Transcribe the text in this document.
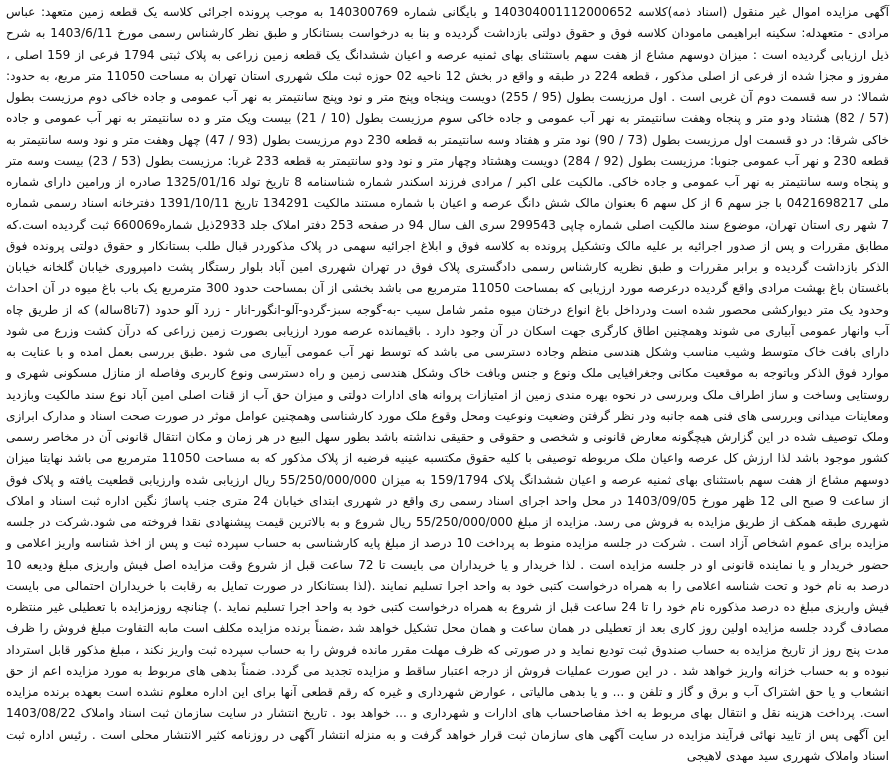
آگهی مزایده اموال غیر منقول (اسناد ذمه)کلاسه 140304001112000652 و بایگانی شماره 140300769 به موجب پرونده اجرائی کلاسه یک قطعه زمین متعهد: عباس مرادی - متعهدله: سکینه ابراهیمی مامودان کلاسه فوق و حقوق دولتی بازداشت گردیده و بنا به درخواست بستانکار و طبق نظر کارشناس رسمی مورخ 1403/6/11 به شرح ذیل ارزیابی گردیده است : میزان دوسهم مشاع از هفت سهم باستثنای بهای ثمنیه عرصه و اعیان ششدانگ یک قطعه زمین زراعی به پلاک ثبتی 1794 فرعی از 159 اصلی ، مفروز و مجزا شده از فرعی از اصلی مذکور ، قطعه 224 در طبقه و واقع در بخش 12 ناحیه 02 حوزه ثبت ملک شهرری استان تهران به مساحت 11050 متر مربع، به حدود: شمالا: در سه قسمت دوم آن غربی است . اول مرزیست بطول (95 / 255) دویست وپنجاه وپنج متر و نود وپنج سانتیمتر به نهر آب عمومی و جاده خاکی دوم مرزیست بطول (57 / 82) هشتاد ودو متر و پنجاه وهفت سانتیمتر به نهر آب عمومی و جاده خاکی سوم مرزیست بطول (10 / 21) بیست ویک متر و ده سانتیمتر به نهر آب عمومی و جاده خاکی شرقا: در دو قسمت اول مرزیست بطول (73 / 90) نود متر و هفتاد وسه سانتیمتر به قطعه 230 دوم مرزیست بطول (93 / 47) چهل وهفت متر و نود وسه سانتیمتر به قطعه 230 و نهر آب عمومی جنوبا: مرزیست بطول (92 / 284) دویست وهشتاد وچهار متر و نود ودو سانتیمتر به قطعه 233 غربا: مرزیست بطول (53 / 23) بیست وسه متر و پنجاه وسه سانتیمتر به نهر آب عمومی و جاده خاکی. مالکیت علی اکبر / مرادی فرزند اسکندر شماره شناسنامه 8 تاریخ تولد 1325/01/16 صادره از ورامین دارای شماره ملی 0421698217 با جز سهم 6 از کل سهم 6 بعنوان مالک شش دانگ عرصه و اعیان با شماره مستند مالکیت 134291 تاریخ 1391/10/11 دفترخانه اسناد رسمی شماره 7 شهر ری استان تهران، موضوع سند مالکیت اصلی شماره چاپی 299543 سری الف سال 94 در صفحه 253 دفتر املاک جلد 2933ذیل شماره660069 ثبت گردیده است.که مطابق مقررات و پس از صدور اجرائیه بر علیه مالک وتشکیل پرونده به کلاسه فوق و ابلاغ اجرائیه سهمی در پلاک مذکوردر قبال طلب بستانکار و حقوق دولتی پرونده فوق الذکر بازداشت گردیده و برابر مقررات و طبق نظریه کارشناس رسمی دادگستری پلاک فوق در تهران شهرری امین آباد بلوار رستگار پشت دامپروری خیابان گلخانه خیابان باغستان باغ بهشت مرادی واقع گردیده درعرصه مورد ارزیابی که بمساحت 11050 مترمربع می باشد بخشی از آن بمساحت حدود 300 مترمربع یک باب باغ میوه در آن احداث وحدود یک متر دیوارکشی محصور شده است ودرداخل باغ انواع درختان میوه مثمر شامل سیب -به-گوجه سبز-گردو-آلو-انگور-انار - زرد آلو حدود (7تا8ساله) که از طریق چاه آب وانهار عمومی آبیاری می شوند وهمچنین اطاق کارگری جهت اسکان در آن وجود دارد . باقیمانده عرصه مورد ارزیابی بصورت زمین زراعی که درآن کشت وزرع می شود دارای بافت خاک متوسط وشیب مناسب وشکل هندسی منظم وجاده دسترسی می باشد که توسط نهر آب عمومی آبیاری می شود .طبق بررسی بعمل امده و با عنایت به موارد فوق الذکر وباتوجه به موقعیت مکانی وجغرافیایی ملک ونوع و جنس وبافت خاک وشکل هندسی زمین و راه دسترسی ونوع کاربری وفاصله از منازل مسکونی شهری و روستایی وساخت و ساز اطراف ملک وبررسی در نحوه بهره مندی زمین از امتیازات پروانه های ادارات دولتی و میزان حق آب از قنات اصلی امین آباد نوع سند مالکیت وبازدید ومعاینات میدانی وبررسی های فنی همه جانبه ودر نظر گرفتن وضعیت ونوعیت ومحل وقوع ملک مورد کارشناسی وهمچنین عوامل موثر در صورت صحت اسناد و مدارک ابرازی وملک توصیف شده در این گزارش هیچگونه معارض قانونی و شخصی و حقوقی و حقیقی نداشته باشد بطور سهل البیع در هر زمان و مکان انتقال قانونی آن در مخاصر رسمی کشور موجود باشد لذا ارزش کل عرصه واعیان ملک مربوطه توصیفی با کلیه حقوق مکتسبه عینیه فرضیه از پلاک مذکور که به مساحت 11050 مترمربع می باشد نهایتا میزان دوسهم مشاع از هفت سهم باستثنای بهای ثمنیه عرصه و اعیان ششدانگ پلاک 159/1794 به میزان 55/250/000/000 ریال ارزیابی شده وارزیابی قطعیت یافته و پلاک فوق از ساعت 9 صبح الی 12 ظهر مورخ 1403/09/05 در محل واحد اجرای اسناد رسمی ری واقع در شهرری ابتدای خیابان 24 متری جنب پاساژ نگین اداره ثبت اسناد و املاک شهرری طبقه همکف از طریق مزایده به فروش می رسد. مزایده از مبلغ 55/250/000/000 ریال شروع و به بالاترین قیمت پیشنهادی نقدا فروخته می شود.شرکت در جلسه مزایده برای عموم اشخاص آزاد است . شرکت در جلسه مزایده منوط به پرداخت 10 درصد از مبلغ پایه کارشناسی به حساب سپرده ثبت و پس از اخذ شناسه واریز اعلامی و حضور خریدار و یا نماینده قانونی او در جلسه مزایده است . لذا خریدار و یا خریداران می بایست تا 72 ساعت قبل از شروع وقت مزایده اصل فیش واریزی مبلغ ودیعه 10 درصد به نام خود و تحت شناسه اعلامی را به همراه درخواست کتبی خود به واحد اجرا تسلیم نمایند .(لذا بستانکار در صورت تمایل به رقابت با خریداران احتمالی می بایست فیش واریزی مبلغ ده درصد مذکوره نام خود را تا 24 ساعت قبل از شروع به همراه درخواست کتبی خود به واحد اجرا تسلیم نماید .) چنانچه روزمزایده با تعطیلی غیر منتظره مصادف گردد جلسه مزایده اولین روز کاری بعد از تعطیلی در همان ساعت و همان محل تشکیل خواهد شد ،ضمناً برنده مزایده مکلف است مابه التفاوت مبلغ فروش را ظرف مدت پنج روز از تاریخ مزایده به حساب صندوق ثبت تودیع نماید و در صورتی که ظرف مهلت مقرر مانده فروش را به حساب سپرده ثبت واریز نکند ، مبلغ مذکور قابل استرداد نبوده و به حساب خزانه واریز خواهد شد . در این صورت عملیات فروش از درجه اعتبار ساقط و مزایده تجدید می گردد. ضمناً بدهی های مربوط به مورد مزایده اعم از حق انشعاب و یا حق اشتراک آب و برق و گاز و تلفن و ... و یا بدهی مالیاتی ، عوارض شهرداری و غیره که رقم قطعی آنها برای این اداره معلوم نشده است بعهده برنده مزایده است. پرداخت هزینه نقل و انتقال بهای مربوط به اخذ مفاصاحساب های ادارات و شهرداری و ... خواهد بود . تاریخ انتشار در سایت سازمان ثبت اسناد واملاک 1403/08/22 این آگهی پس از تایید نهائی فرآیند مزایده در سایت آگهی های سازمان ثبت قرار خواهد گرفت و به منزله انتشار آگهی در روزنامه کثیر الانتشار محلی است . رئیس اداره ثبت اسناد واملاک شهرری سید مهدی لاهیجی
